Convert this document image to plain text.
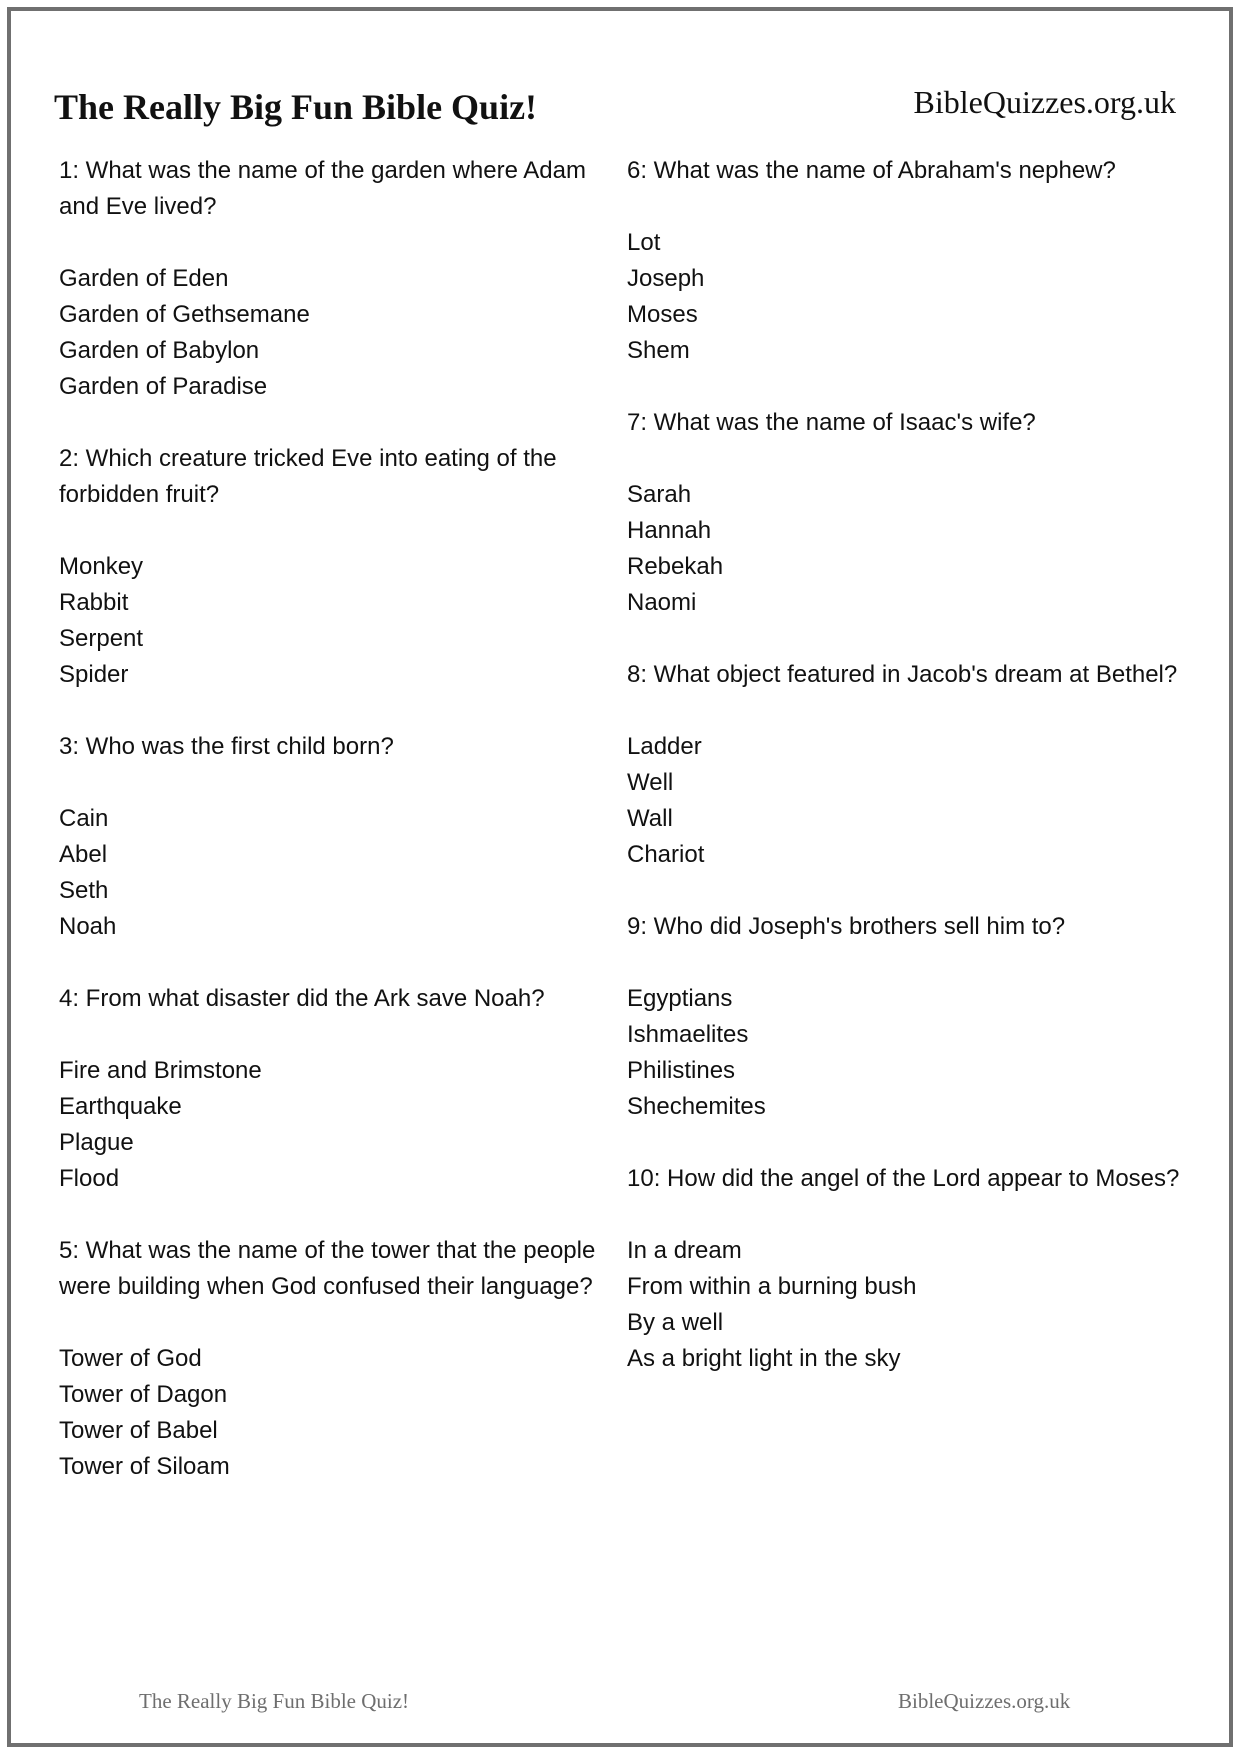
The Really Big Fun Bible Quiz!	BibleQuizzes.org.uk

1: What was the name of the garden where Adam and Eve lived?

Garden of Eden
Garden of Gethsemane
Garden of Babylon
Garden of Paradise

2: Which creature tricked Eve into eating of the forbidden fruit?

Monkey
Rabbit
Serpent
Spider

3: Who was the first child born?

Cain
Abel
Seth
Noah

4: From what disaster did the Ark save Noah?

Fire and Brimstone
Earthquake
Plague
Flood

5: What was the name of the tower that the people were building when God confused their language?

Tower of God
Tower of Dagon
Tower of Babel
Tower of Siloam

6: What was the name of Abraham's nephew?

Lot
Joseph
Moses
Shem

7: What was the name of Isaac's wife?

Sarah
Hannah
Rebekah
Naomi

8: What object featured in Jacob's dream at Bethel?

Ladder
Well
Wall
Chariot

9: Who did Joseph's brothers sell him to?

Egyptians
Ishmaelites
Philistines
Shechemites

10: How did the angel of the Lord appear to Moses?

In a dream
From within a burning bush
By a well
As a bright light in the sky
The Really Big Fun Bible Quiz!	BibleQuizzes.org.uk
